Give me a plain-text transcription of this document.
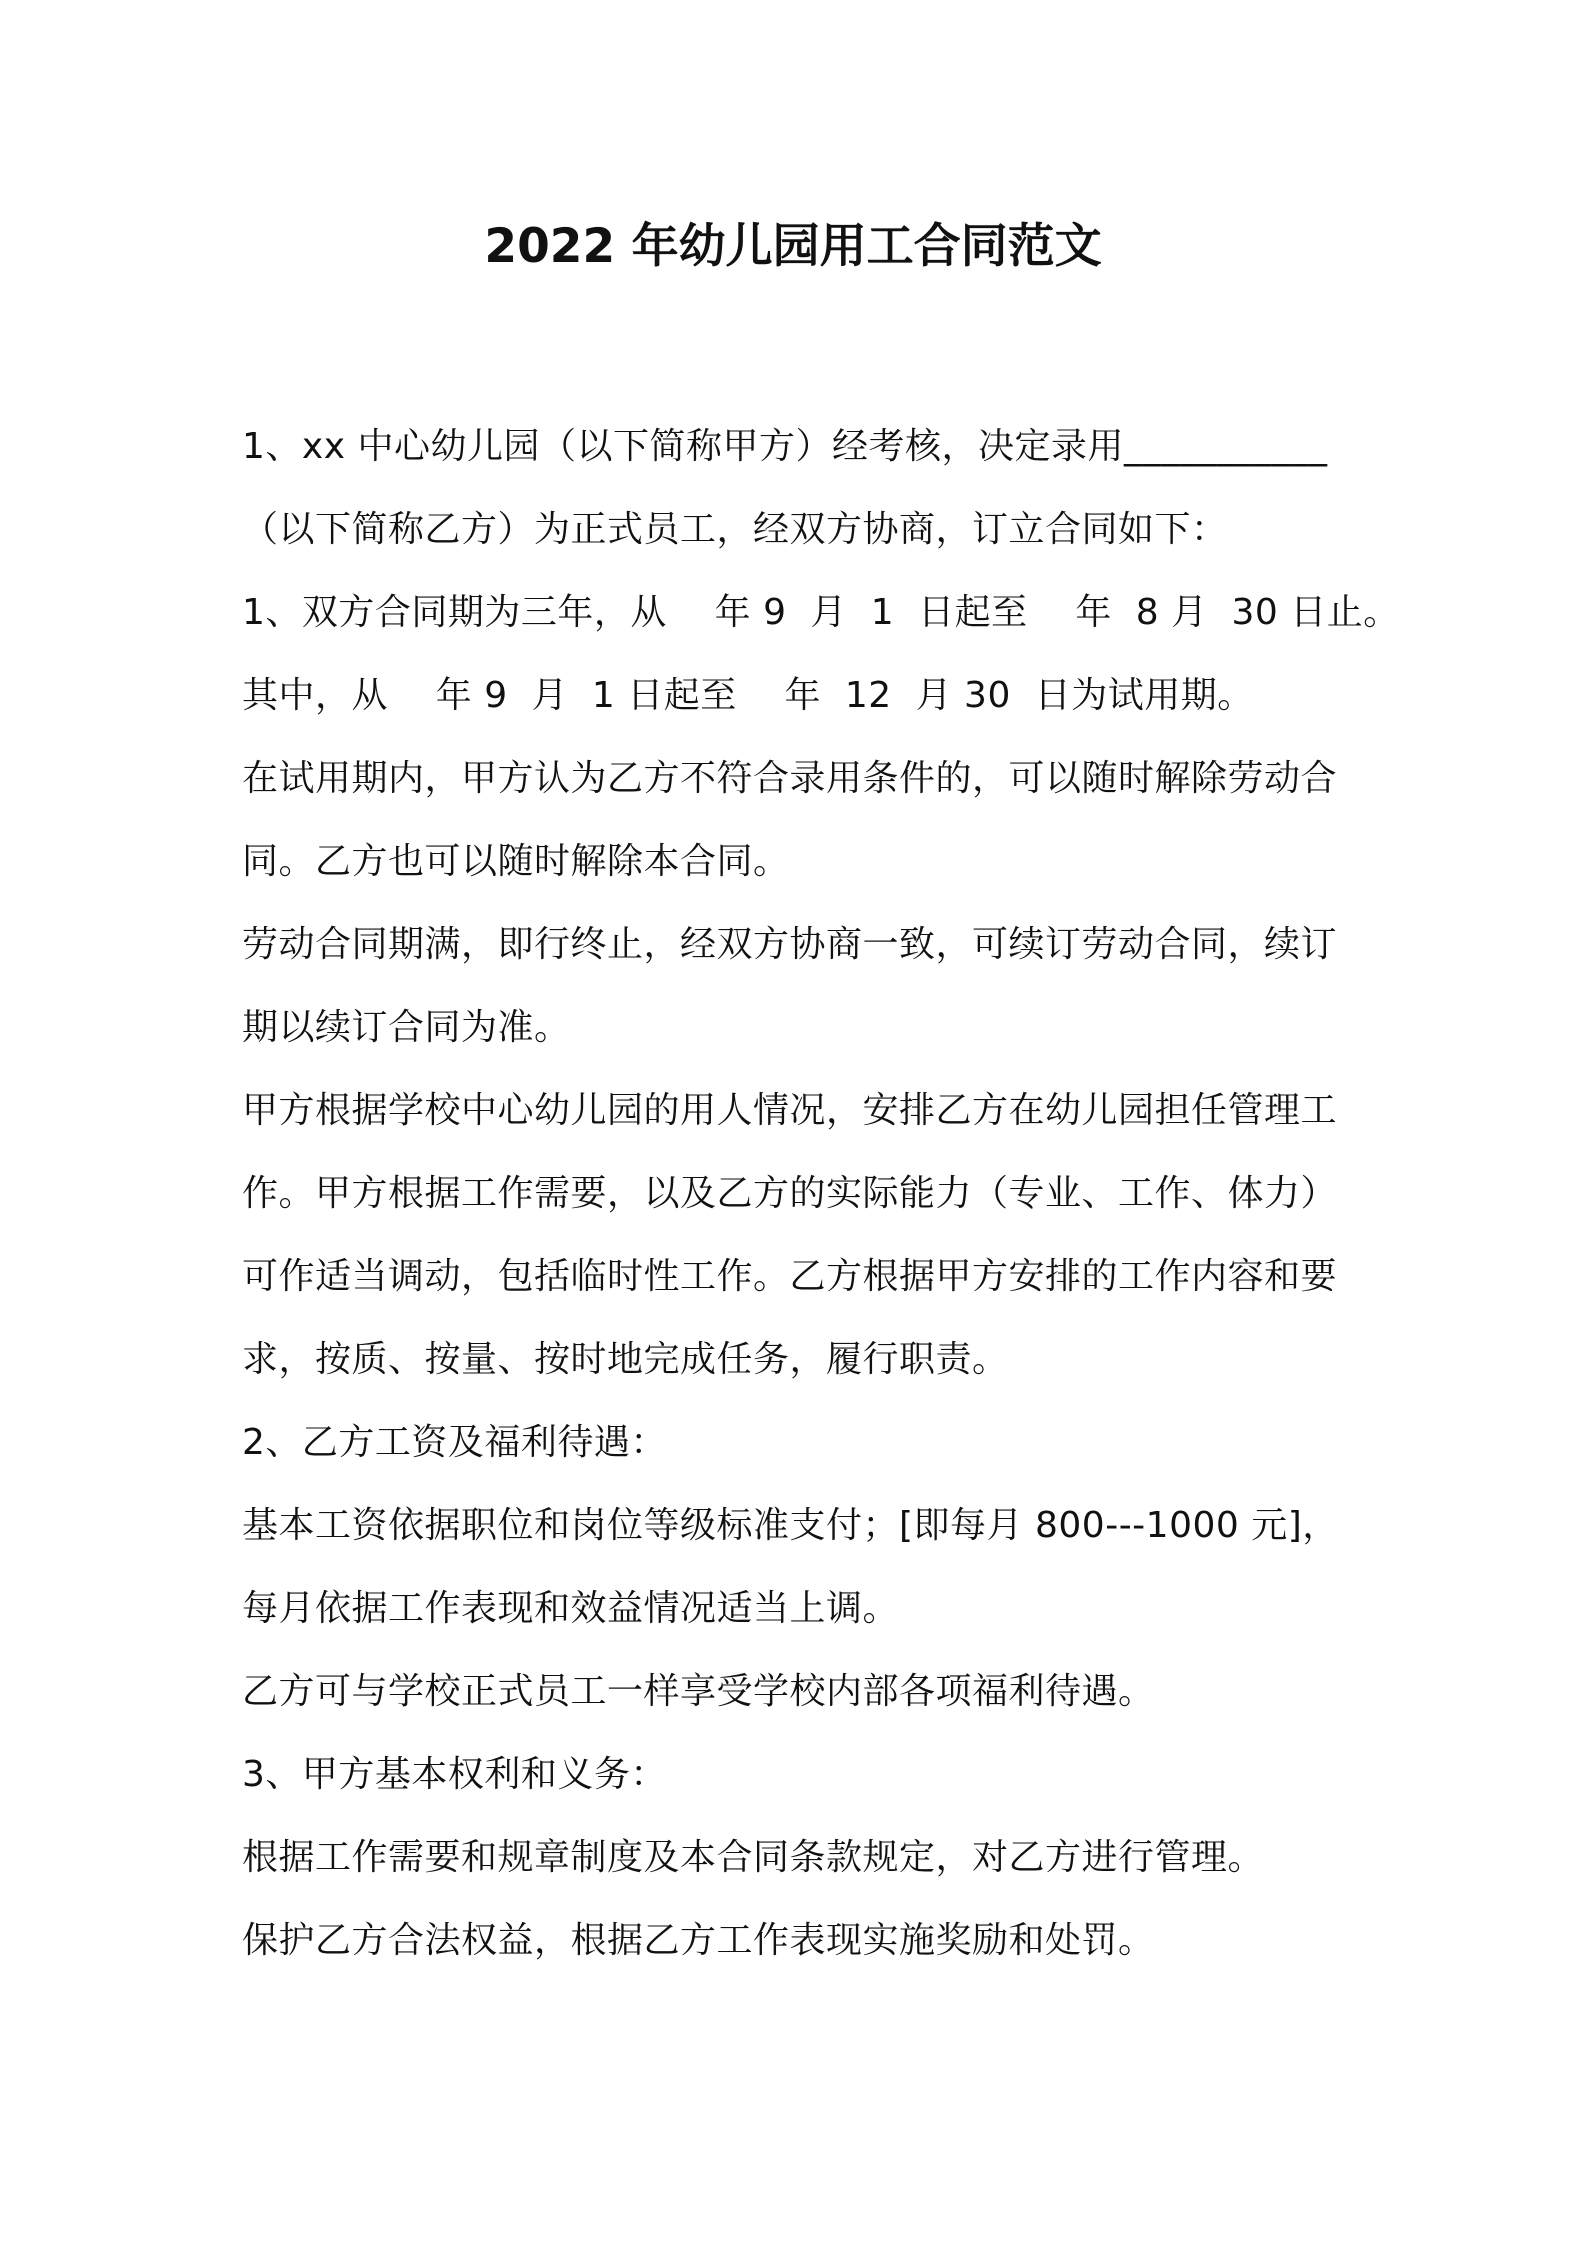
2022 年幼儿园用工合同范文
1、xx 中心幼儿园（以下简称甲方）经考核，决定录用___________
（以下简称乙方）为正式员工，经双方协商，订立合同如下：
1、双方合同期为三年，从    年 9  月  1  日起至    年  8 月  30 日止。
其中，从    年 9  月  1 日起至    年  12  月 30  日为试用期。
在试用期内，甲方认为乙方不符合录用条件的，可以随时解除劳动合
同。乙方也可以随时解除本合同。
劳动合同期满，即行终止，经双方协商一致，可续订劳动合同，续订
期以续订合同为准。
甲方根据学校中心幼儿园的用人情况，安排乙方在幼儿园担任管理工
作。甲方根据工作需要，以及乙方的实际能力（专业、工作、体力）
可作适当调动，包括临时性工作。乙方根据甲方安排的工作内容和要
求，按质、按量、按时地完成任务，履行职责。
2、乙方工资及福利待遇：
基本工资依据职位和岗位等级标准支付；[即每月 800---1000 元]，
每月依据工作表现和效益情况适当上调。
乙方可与学校正式员工一样享受学校内部各项福利待遇。
3、甲方基本权利和义务：
根据工作需要和规章制度及本合同条款规定，对乙方进行管理。
保护乙方合法权益，根据乙方工作表现实施奖励和处罚。
